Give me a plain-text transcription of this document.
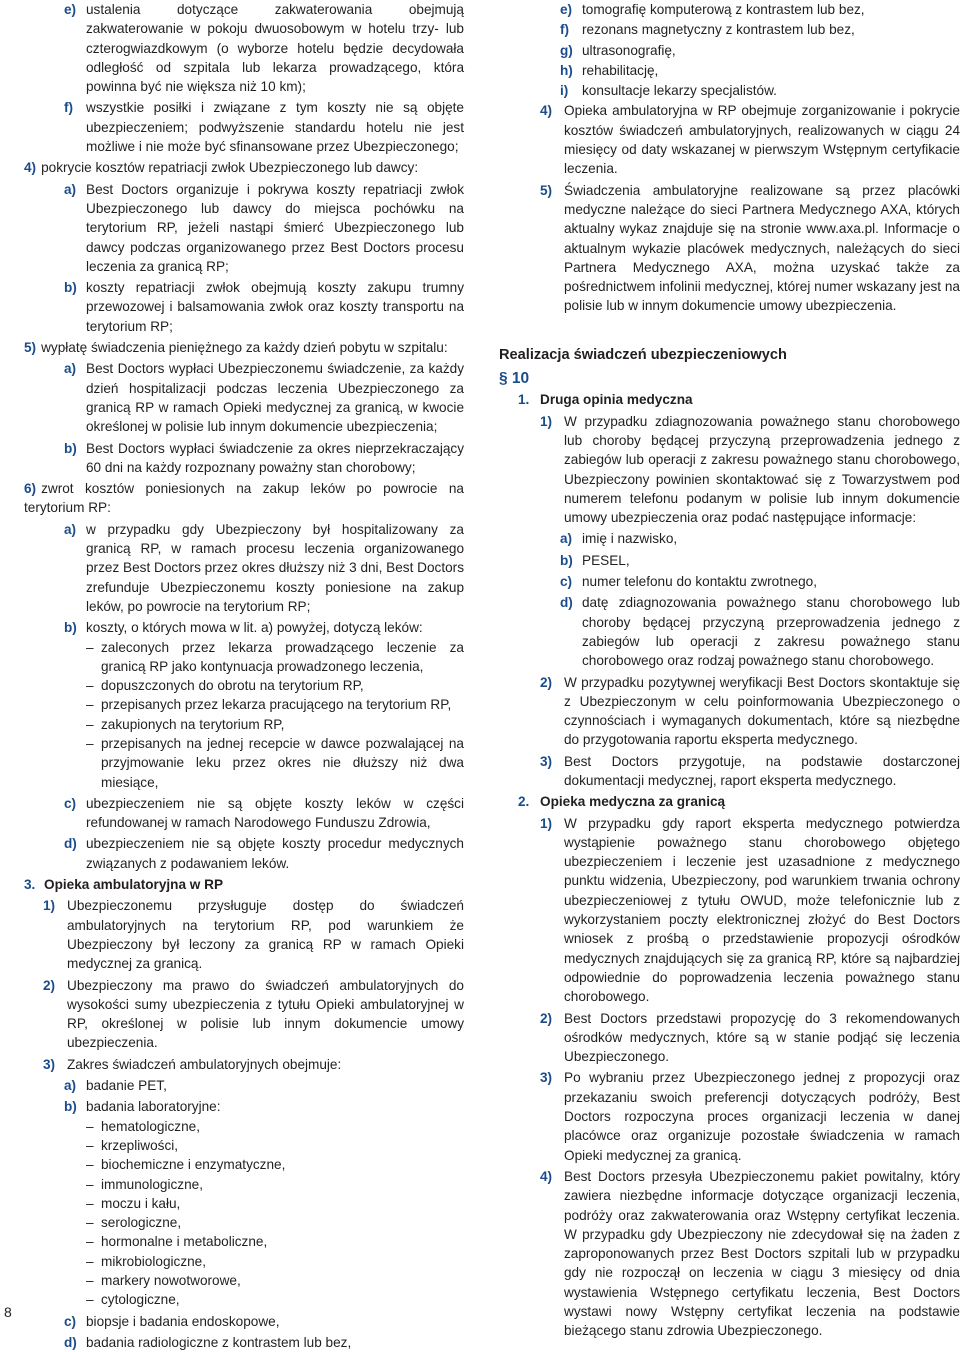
e) ustalenia dotyczące zakwaterowania obejmują zakwaterowanie w pokoju dwuosobowym w hotelu trzy- lub czterogwiazdkowym (o wyborze hotelu będzie decydowała odległość od szpitala lub lekarza prowadzącego, która powinna być nie większa niż 10 km);

f) wszystkie posiłki i związane z tym koszty nie są objęte ubezpieczeniem; podwyższenie standardu hotelu nie jest możliwe i nie może być sfinansowane przez Ubezpieczonego;

4) pokrycie kosztów repatriacji zwłok Ubezpieczonego lub dawcy:

a) Best Doctors organizuje i pokrywa koszty repatriacji zwłok Ubezpieczonego lub dawcy do miejsca pochówku na terytorium RP, jeżeli nastąpi śmierć Ubezpieczonego lub dawcy podczas organizowanego przez Best Doctors procesu leczenia za granicą RP;

b) koszty repatriacji zwłok obejmują koszty zakupu trumny przewozowej i balsamowania zwłok oraz koszty transportu na terytorium RP;

5) wypłatę świadczenia pieniężnego za każdy dzień pobytu w szpitalu:

a) Best Doctors wypłaci Ubezpieczonemu świadczenie, za każdy dzień hospitalizacji podczas leczenia Ubezpieczonego za granicą RP w ramach Opieki medycznej za granicą, w kwocie określonej w polisie lub innym dokumencie ubezpieczenia;

b) Best Doctors wypłaci świadczenie za okres nieprzekraczający 60 dni na każdy rozpoznany poważny stan chorobowy;

6) zwrot kosztów poniesionych na zakup leków po powrocie na terytorium RP:

a) w przypadku gdy Ubezpieczony był hospitalizowany za granicą RP, w ramach procesu leczenia organizowanego przez Best Doctors przez okres dłuższy niż 3 dni, Best Doctors zrefunduje Ubezpieczonemu koszty poniesione na zakup leków, po powrocie na terytorium RP;

b) koszty, o których mowa w lit. a) powyżej, dotyczą leków:

– zaleconych przez lekarza prowadzącego leczenie za granicą RP jako kontynuacja prowadzonego leczenia,

– dopuszczonych do obrotu na terytorium RP,

– przepisanych przez lekarza pracującego na terytorium RP,

– zakupionych na terytorium RP,

– przepisanych na jednej recepcie w dawce pozwalającej na przyjmowanie leku przez okres nie dłuższy niż dwa miesiące,

c) ubezpieczeniem nie są objęte koszty leków w części refundowanej w ramach Narodowego Funduszu Zdrowia,

d) ubezpieczeniem nie są objęte koszty procedur medycznych związanych z podawaniem leków.

3. Opieka ambulatoryjna w RP

1) Ubezpieczonemu przysługuje dostęp do świadczeń ambulatoryjnych na terytorium RP, pod warunkiem że Ubezpieczony był leczony za granicą RP w ramach Opieki medycznej za granicą.

2) Ubezpieczony ma prawo do świadczeń ambulatoryjnych do wysokości sumy ubezpieczenia z tytułu Opieki ambulatoryjnej w RP, określonej w polisie lub innym dokumencie umowy ubezpieczenia.

3) Zakres świadczeń ambulatoryjnych obejmuje:

a) badanie PET,

b) badania laboratoryjne:

– hematologiczne,

– krzepliwości,

– biochemiczne i enzymatyczne,

– immunologiczne,

– moczu i kału,

– serologiczne,

– hormonalne i metaboliczne,

– mikrobiologiczne,

– markery nowotworowe,

– cytologiczne,

c) biopsje i badania endoskopowe,

d) badania radiologiczne z kontrastem lub bez,

e) tomografię komputerową z kontrastem lub bez,

f) rezonans magnetyczny z kontrastem lub bez,

g) ultrasonografię,

h) rehabilitację,

i) konsultacje lekarzy specjalistów.

4) Opieka ambulatoryjna w RP obejmuje zorganizowanie i pokrycie kosztów świadczeń ambulatoryjnych, realizowanych w ciągu 24 miesięcy od daty wskazanej w pierwszym Wstępnym certyfikacie leczenia.

5) Świadczenia ambulatoryjne realizowane są przez placówki medyczne należące do sieci Partnera Medycznego AXA, których aktualny wykaz znajduje się na stronie www.axa.pl. Informacje o aktualnym wykazie placówek medycznych, należących do sieci Partnera Medycznego AXA, można uzyskać także za pośrednictwem infolinii medycznej, której numer wskazany jest na polisie lub w innym dokumencie umowy ubezpieczenia.

Realizacja świadczeń ubezpieczeniowych

§ 10

1. Druga opinia medyczna

1) W przypadku zdiagnozowania poważnego stanu chorobowego lub choroby będącej przyczyną przeprowadzenia jednego z zabiegów lub operacji z zakresu poważnego stanu chorobowego, Ubezpieczony powinien skontaktować się z Towarzystwem pod numerem telefonu podanym w polisie lub innym dokumencie umowy ubezpieczenia oraz podać następujące informacje:

a) imię i nazwisko,

b) PESEL,

c) numer telefonu do kontaktu zwrotnego,

d) datę zdiagnozowania poważnego stanu chorobowego lub choroby będącej przyczyną przeprowadzenia jednego z zabiegów lub operacji z zakresu poważnego stanu chorobowego oraz rodzaj poważnego stanu chorobowego.

2) W przypadku pozytywnej weryfikacji Best Doctors skontaktuje się z Ubezpieczonym w celu poinformowania Ubezpieczonego o czynnościach i wymaganych dokumentach, które są niezbędne do przygotowania raportu eksperta medycznego.

3) Best Doctors przygotuje, na podstawie dostarczonej dokumentacji medycznej, raport eksperta medycznego.

2. Opieka medyczna za granicą

1) W przypadku gdy raport eksperta medycznego potwierdza wystąpienie poważnego stanu chorobowego objętego ubezpieczeniem i leczenie jest uzasadnione z medycznego punktu widzenia, Ubezpieczony, pod warunkiem trwania ochrony ubezpieczeniowej z tytułu OWUD, może telefonicznie lub z wykorzystaniem poczty elektronicznej złożyć do Best Doctors wniosek z prośbą o przedstawienie propozycji ośrodków medycznych znajdujących się za granicą RP, które są najbardziej odpowiednie do poprowadzenia leczenia poważnego stanu chorobowego.

2) Best Doctors przedstawi propozycję do 3 rekomendowanych ośrodków medycznych, które są w stanie podjąć się leczenia Ubezpieczonego.

3) Po wybraniu przez Ubezpieczonego jednej z propozycji oraz przekazaniu swoich preferencji dotyczących podróży, Best Doctors rozpoczyna proces organizacji leczenia w danej placówce oraz organizuje pozostałe świadczenia w ramach Opieki medycznej za granicą.

4) Best Doctors przesyła Ubezpieczonemu pakiet powitalny, który zawiera niezbędne informacje dotyczące organizacji leczenia, podróży oraz zakwaterowania oraz Wstępny certyfikat leczenia. W przypadku gdy Ubezpieczony nie zdecydował się na żaden z zaproponowanych przez Best Doctors szpitali lub w przypadku gdy nie rozpoczął on leczenia w ciągu 3 miesięcy od dnia wystawienia Wstępnego certyfikatu leczenia, Best Doctors wystawi nowy Wstępny certyfikat leczenia na podstawie bieżącego stanu zdrowia Ubezpieczonego.

8
